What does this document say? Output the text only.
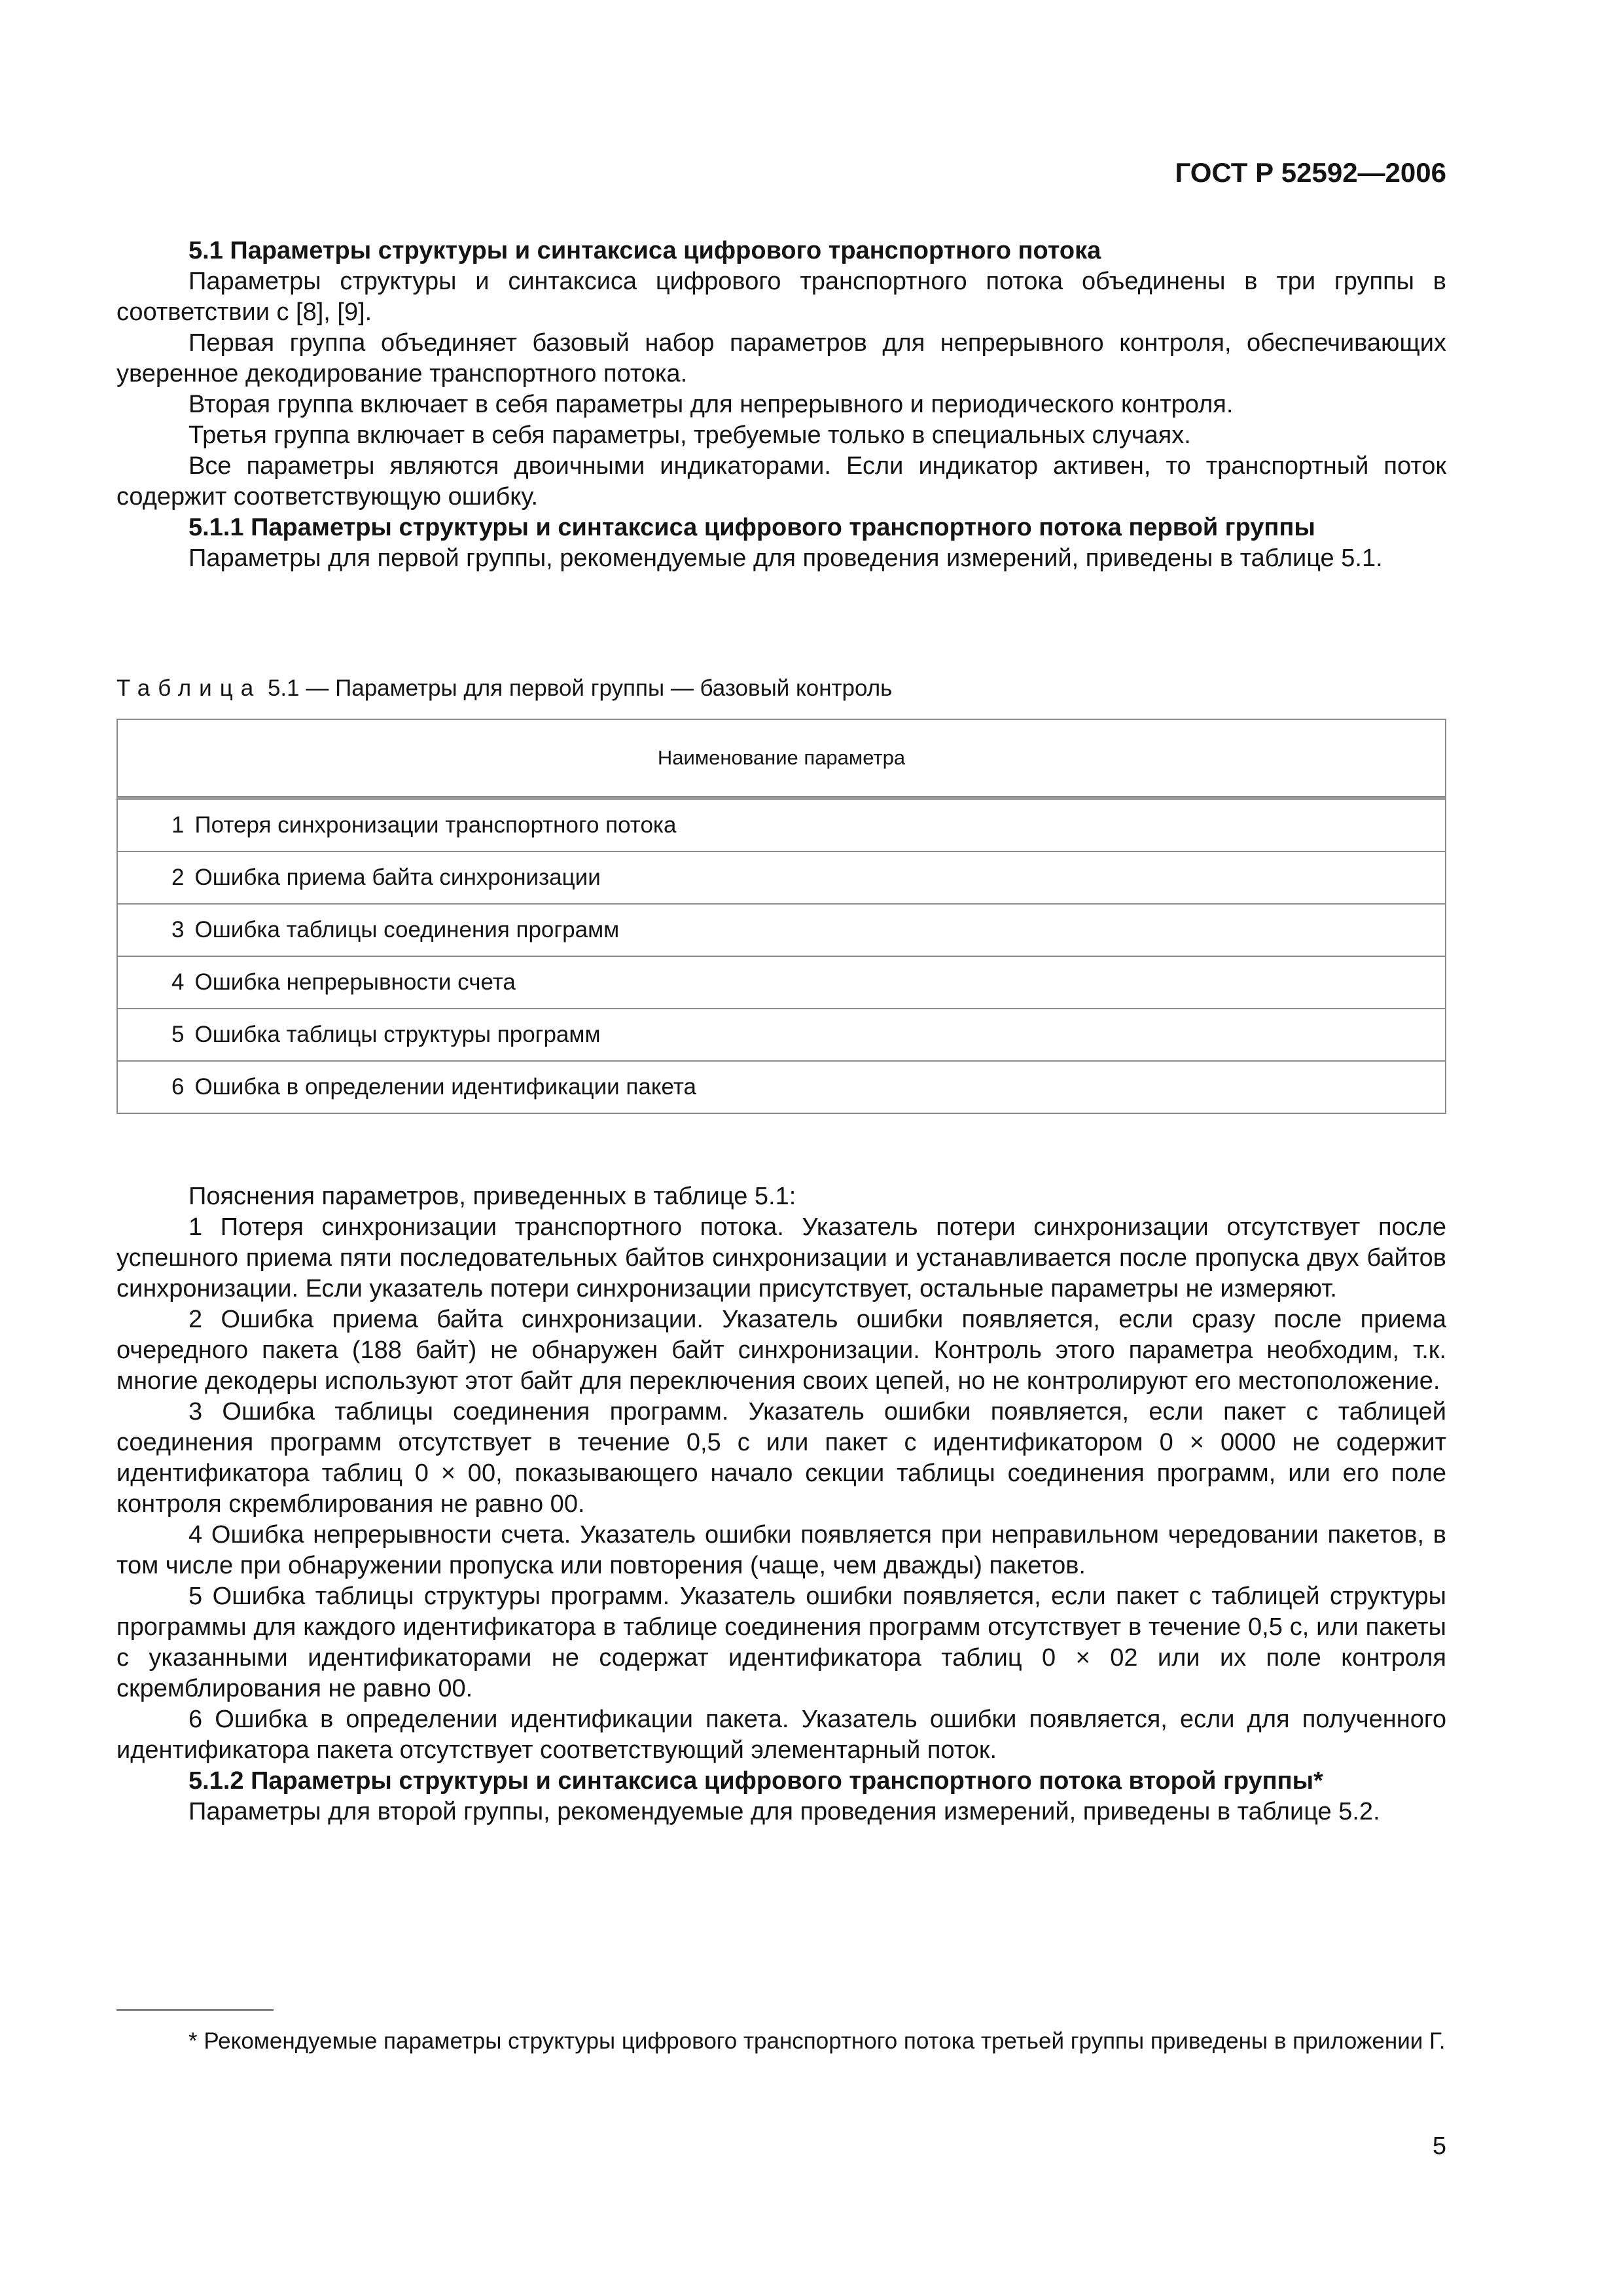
ГОСТ Р 52592—2006

5.1 Параметры структуры и синтаксиса цифрового транспортного потока

Параметры структуры и синтаксиса цифрового транспортного потока объединены в три группы в соответствии с [8], [9].

Первая группа объединяет базовый набор параметров для непрерывного контроля, обеспечивающих уверенное декодирование транспортного потока.

Вторая группа включает в себя параметры для непрерывного и периодического контроля.

Третья группа включает в себя параметры, требуемые только в специальных случаях.

Все параметры являются двоичными индикаторами. Если индикатор активен, то транспортный поток содержит соответствующую ошибку.

5.1.1 Параметры структуры и синтаксиса цифрового транспортного потока первой группы

Параметры для первой группы, рекомендуемые для проведения измерений, приведены в таблице 5.1.

Таблица 5.1 — Параметры для первой группы — базовый контроль
Наименование параметра
1 Потеря синхронизации транспортного потока
2 Ошибка приема байта синхронизации
3 Ошибка таблицы соединения программ
4 Ошибка непрерывности счета
5 Ошибка таблицы структуры программ
6 Ошибка в определении идентификации пакета

Пояснения параметров, приведенных в таблице 5.1:

1 Потеря синхронизации транспортного потока. Указатель потери синхронизации отсутствует после успешного приема пяти последовательных байтов синхронизации и устанавливается после пропуска двух байтов синхронизации. Если указатель потери синхронизации присутствует, остальные параметры не измеряют.

2 Ошибка приема байта синхронизации. Указатель ошибки появляется, если сразу после приема очередного пакета (188 байт) не обнаружен байт синхронизации. Контроль этого параметра необходим, т.к. многие декодеры используют этот байт для переключения своих цепей, но не контролируют его местоположение.

3 Ошибка таблицы соединения программ. Указатель ошибки появляется, если пакет с таблицей соединения программ отсутствует в течение 0,5 с или пакет с идентификатором 0 × 0000 не содержит идентификатора таблиц 0 × 00, показывающего начало секции таблицы соединения программ, или его поле контроля скремблирования не равно 00.

4 Ошибка непрерывности счета. Указатель ошибки появляется при неправильном чередовании пакетов, в том числе при обнаружении пропуска или повторения (чаще, чем дважды) пакетов.

5 Ошибка таблицы структуры программ. Указатель ошибки появляется, если пакет с таблицей структуры программы для каждого идентификатора в таблице соединения программ отсутствует в течение 0,5 с, или пакеты с указанными идентификаторами не содержат идентификатора таблиц 0 × 02 или их поле контроля скремблирования не равно 00.

6 Ошибка в определении идентификации пакета. Указатель ошибки появляется, если для полученного идентификатора пакета отсутствует соответствующий элементарный поток.

5.1.2 Параметры структуры и синтаксиса цифрового транспортного потока второй группы*

Параметры для второй группы, рекомендуемые для проведения измерений, приведены в таблице 5.2.

* Рекомендуемые параметры структуры цифрового транспортного потока третьей группы приведены в приложении Г.
5
